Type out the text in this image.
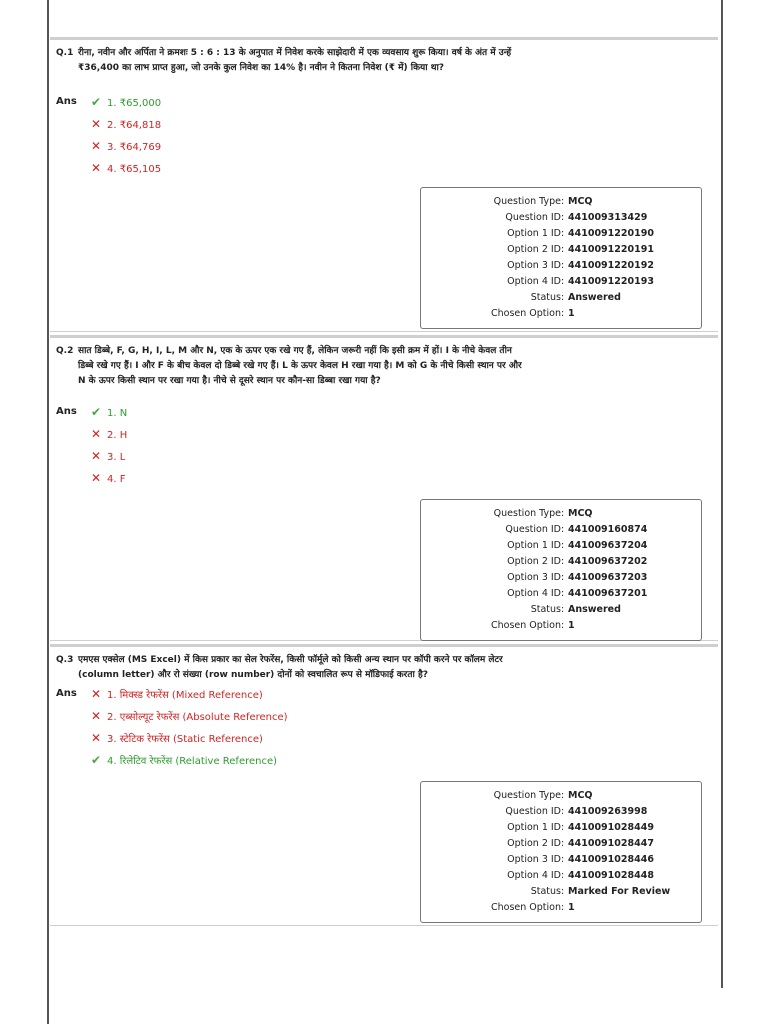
Q.1 रीना, नवीन और अर्पिता ने क्रमशः 5 : 6 : 13 के अनुपात में निवेश करके साझेदारी में एक व्यवसाय शुरू किया। वर्ष के अंत में उन्हें ₹36,400 का लाभ प्राप्त हुआ, जो उनके कुल निवेश का 14% है। नवीन ने कितना निवेश (₹ में) किया था?
Ans ✔ 1. ₹65,000
✕ 2. ₹64,818
✕ 3. ₹64,769
✕ 4. ₹65,105
Question Type : MCQ
Question ID : 441009313429
Option 1 ID : 4410091220190
Option 2 ID : 4410091220191
Option 3 ID : 4410091220192
Option 4 ID : 4410091220193
Status : Answered
Chosen Option : 1
Q.2 सात डिब्बे, F, G, H, I, L, M और N, एक के ऊपर एक रखे गए हैं, लेकिन जरूरी नहीं कि इसी क्रम में हों। I के नीचे केवल तीन डिब्बे रखे गए हैं। I और F के बीच केवल दो डिब्बे रखे गए हैं। L के ऊपर केवल H रखा गया है। M को G के नीचे किसी स्थान पर और N के ऊपर किसी स्थान पर रखा गया है। नीचे से दूसरे स्थान पर कौन-सा डिब्बा रखा गया है?
Ans ✔ 1. N
✕ 2. H
✕ 3. L
✕ 4. F
Question Type : MCQ
Question ID : 441009160874
Option 1 ID : 441009637204
Option 2 ID : 441009637202
Option 3 ID : 441009637203
Option 4 ID : 441009637201
Status : Answered
Chosen Option : 1
Q.3 एमएस एक्सेल (MS Excel) में किस प्रकार का सेल रेफरेंस, किसी फॉर्मूले को किसी अन्य स्थान पर कॉपी करने पर कॉलम लेटर (column letter) और रो संख्या (row number) दोनों को स्वचालित रूप से मॉडिफाई करता है?
Ans ✕ 1. मिक्स्ड रेफरेंस (Mixed Reference)
✕ 2. एब्सोल्यूट रेफरेंस (Absolute Reference)
✕ 3. स्टेटिक रेफरेंस (Static Reference)
✔ 4. रिलेटिव रेफरेंस (Relative Reference)
Question Type : MCQ
Question ID : 441009263998
Option 1 ID : 4410091028449
Option 2 ID : 4410091028447
Option 3 ID : 4410091028446
Option 4 ID : 4410091028448
Status : Marked For Review
Chosen Option : 1
